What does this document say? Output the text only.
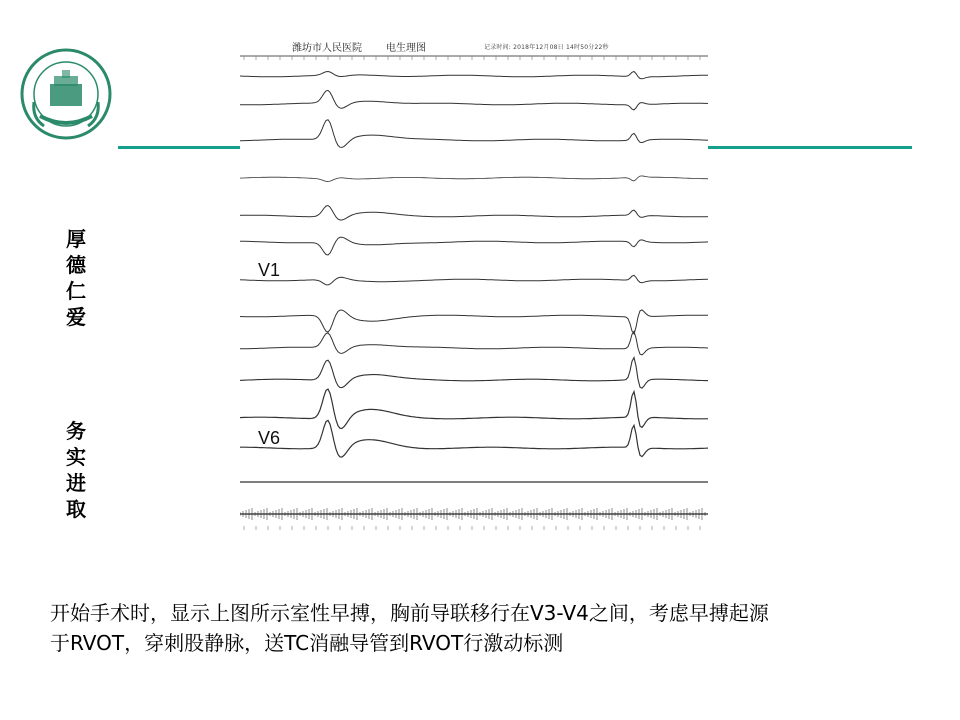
厚
德
仁
爱
务
实
进
取
潍坊市人民医院 电生理图	记录时间: 2018年12月08日 14时50分22秒
V1
V6
开始手术时，显示上图所示室性早搏，胸前导联移行在V3-V4之间，考虑早搏起源
于RVOT，穿刺股静脉，送TC消融导管到RVOT行激动标测
